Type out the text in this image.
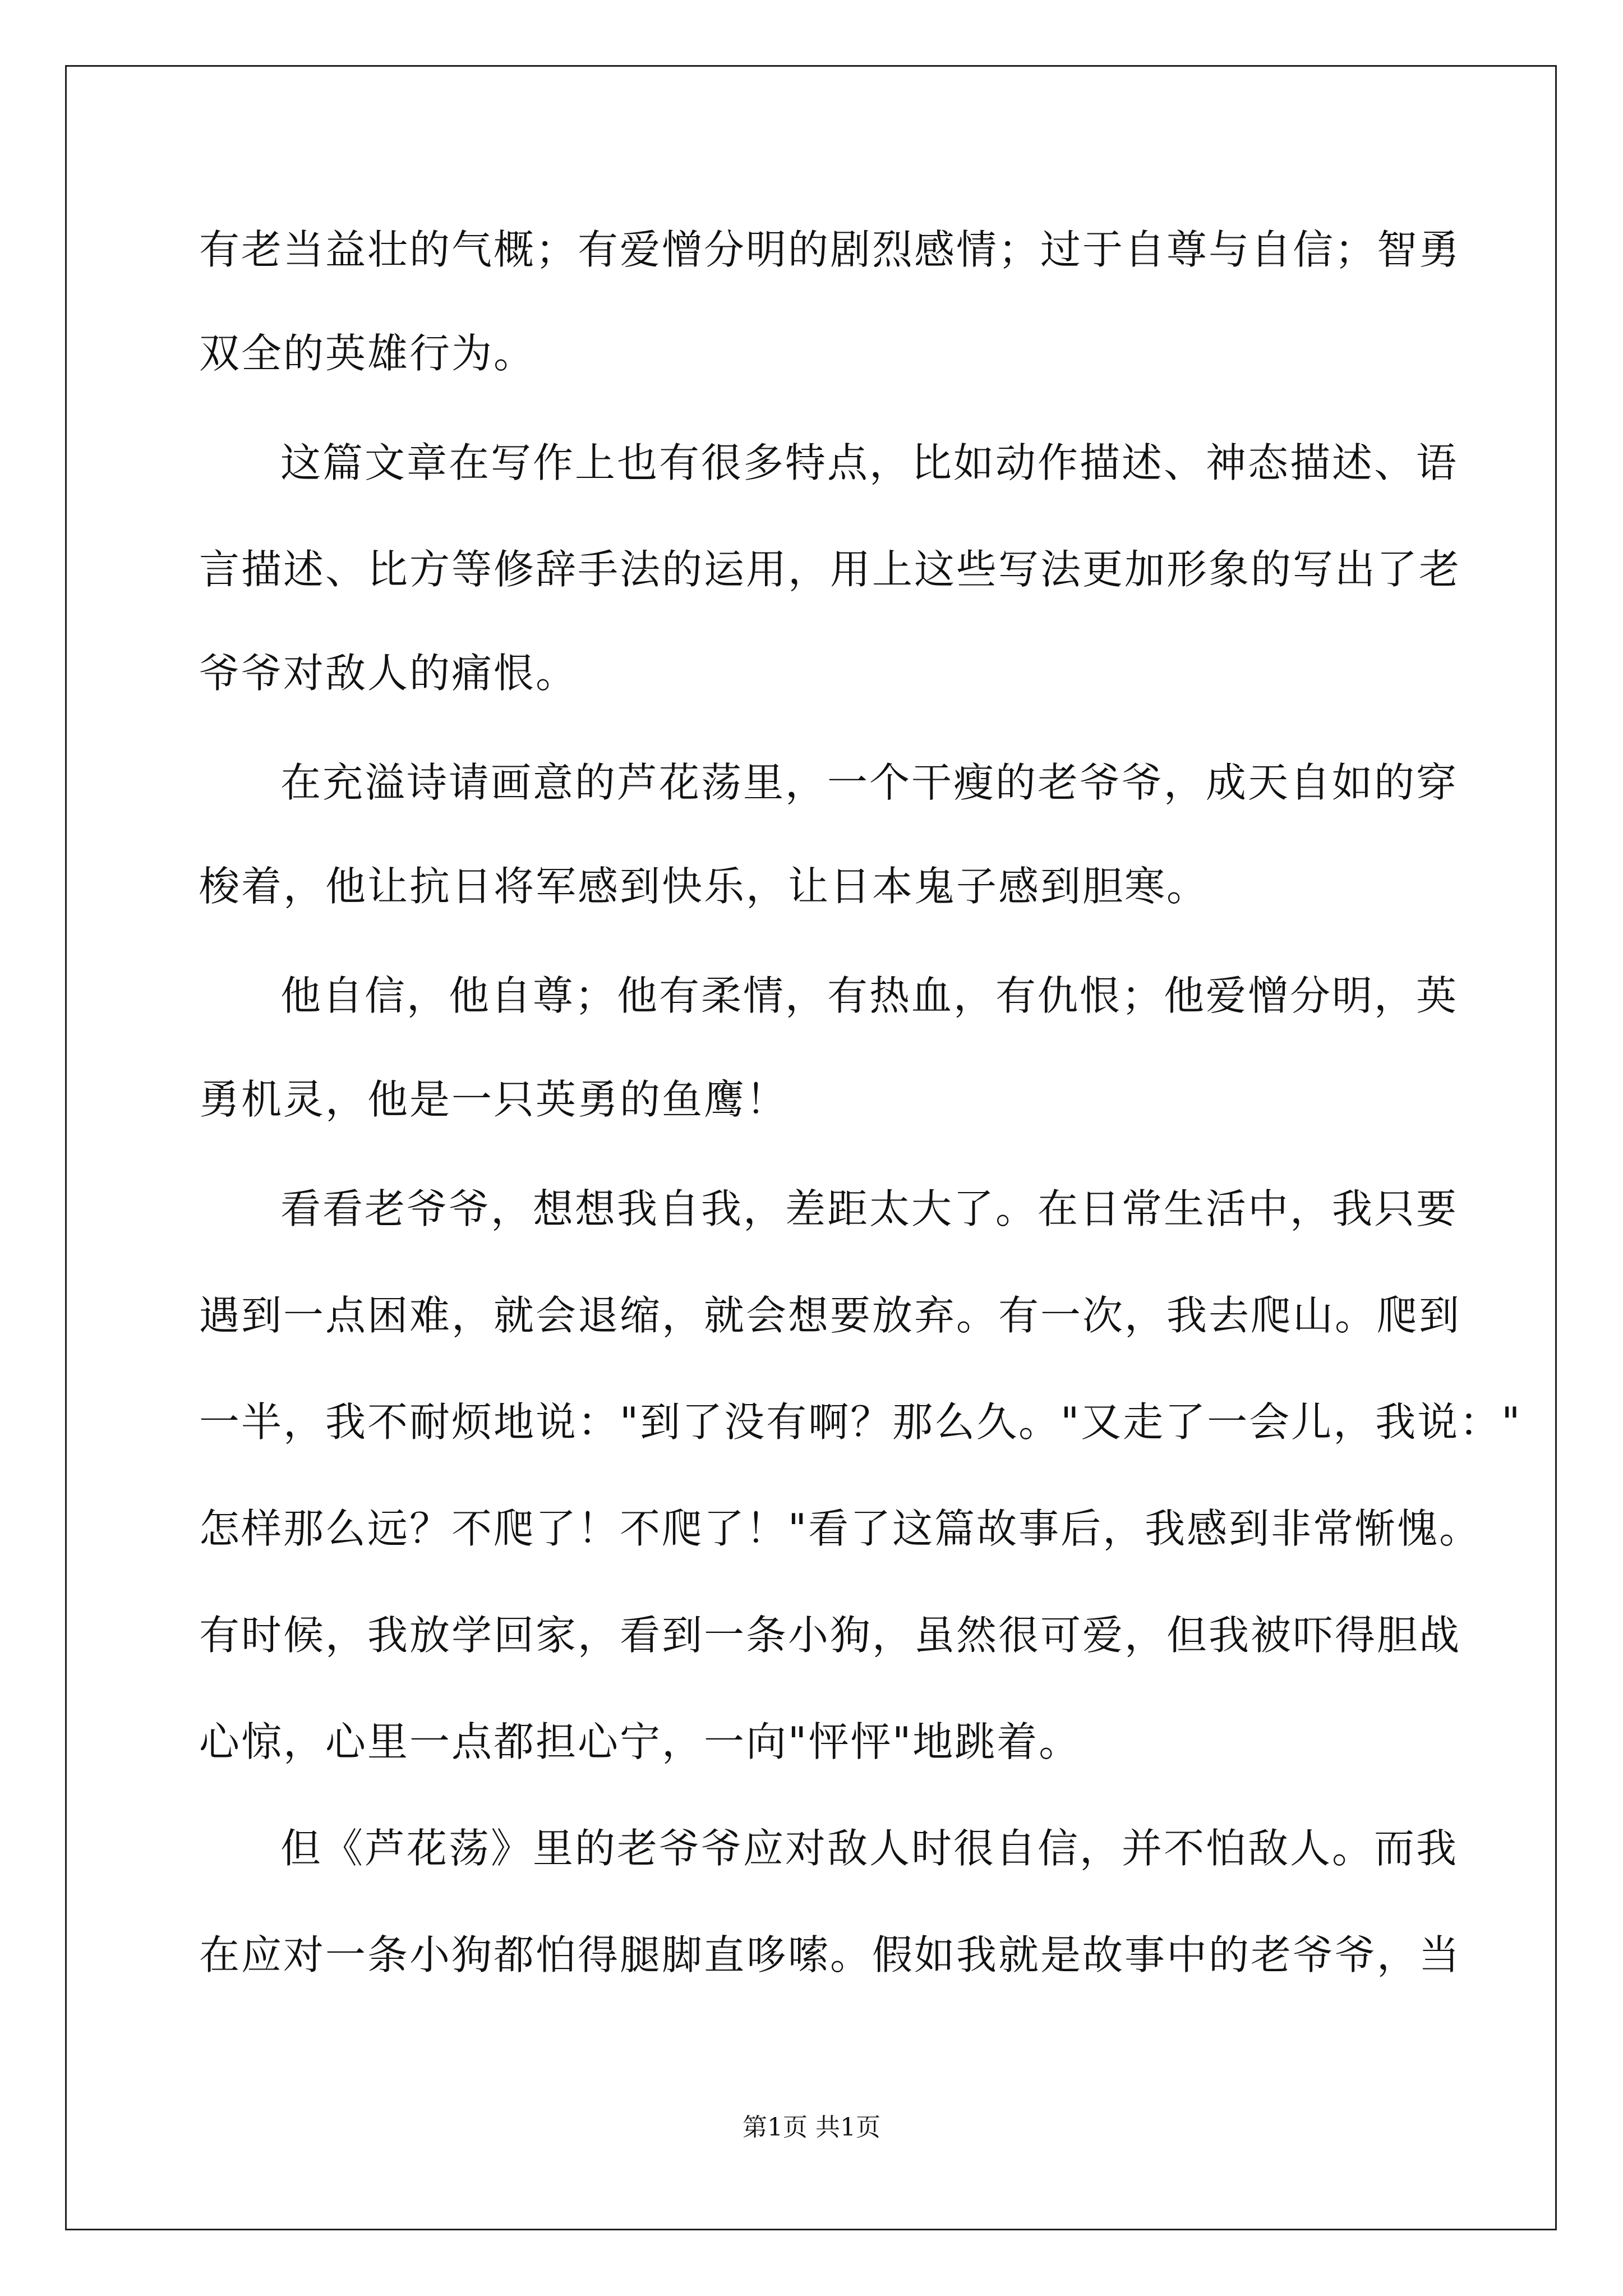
有老当益壮的气概；有爱憎分明的剧烈感情；过于自尊与自信；智勇
双全的英雄行为。
这篇文章在写作上也有很多特点，比如动作描述、神态描述、语
言描述、比方等修辞手法的运用，用上这些写法更加形象的写出了老
爷爷对敌人的痛恨。
在充溢诗请画意的芦花荡里，一个干瘦的老爷爷，成天自如的穿
梭着，他让抗日将军感到快乐，让日本鬼子感到胆寒。
他自信，他自尊；他有柔情，有热血，有仇恨；他爱憎分明，英
勇机灵，他是一只英勇的鱼鹰！
看看老爷爷，想想我自我，差距太大了。在日常生活中，我只要
遇到一点困难，就会退缩，就会想要放弃。有一次，我去爬山。爬到
一半，我不耐烦地说："到了没有啊？那么久。"又走了一会儿，我说："
怎样那么远？不爬了！不爬了！"看了这篇故事后，我感到非常惭愧。
有时候，我放学回家，看到一条小狗，虽然很可爱，但我被吓得胆战
心惊，心里一点都担心宁，一向"怦怦"地跳着。
但《芦花荡》里的老爷爷应对敌人时很自信，并不怕敌人。而我
在应对一条小狗都怕得腿脚直哆嗦。假如我就是故事中的老爷爷，当
第1页 共1页
